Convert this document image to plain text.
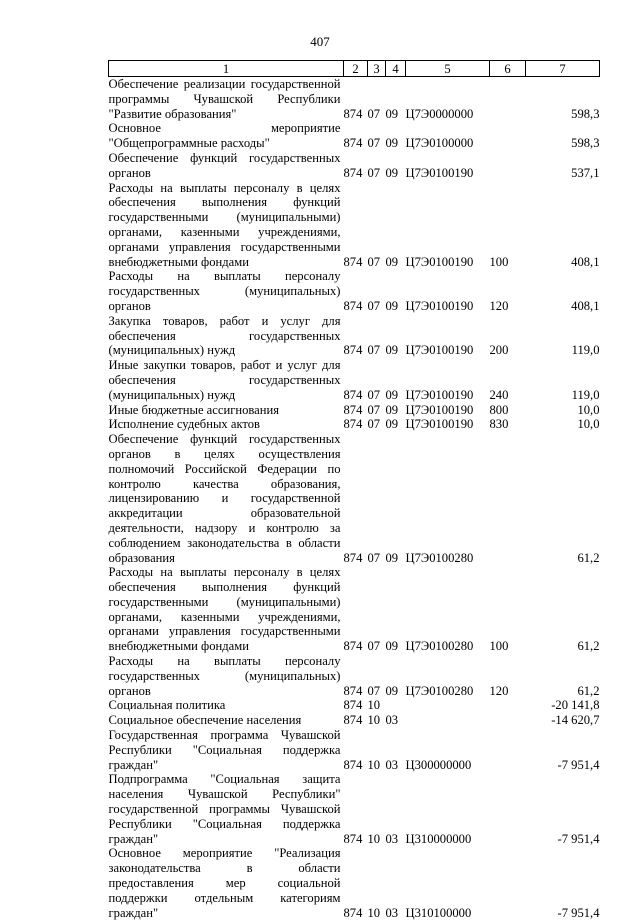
407
1	2	3	4	5	6	7
Обеспечение реализации государственной программы Чувашской Республики "Развитие образования"	874	07	09	Ц7Э0000000		598,3
Основное мероприятие "Общепрограммные расходы"	874	07	09	Ц7Э0100000		598,3
Обеспечение функций государственных органов	874	07	09	Ц7Э0100190		537,1
Расходы на выплаты персоналу в целях обеспечения выполнения функций государственными (муниципальными) органами, казенными учреждениями, органами управления государственными внебюджетными фондами	874	07	09	Ц7Э0100190	100	408,1
Расходы на выплаты персоналу государственных (муниципальных) органов	874	07	09	Ц7Э0100190	120	408,1
Закупка товаров, работ и услуг для обеспечения государственных (муниципальных) нужд	874	07	09	Ц7Э0100190	200	119,0
Иные закупки товаров, работ и услуг для обеспечения государственных (муниципальных) нужд	874	07	09	Ц7Э0100190	240	119,0
Иные бюджетные ассигнования	874	07	09	Ц7Э0100190	800	10,0
Исполнение судебных актов	874	07	09	Ц7Э0100190	830	10,0
Обеспечение функций государственных органов в целях осуществления полномочий Российской Федерации по контролю качества образования, лицензированию и государственной аккредитации образовательной деятельности, надзору и контролю за соблюдением законодательства в области образования	874	07	09	Ц7Э0100280		61,2
Расходы на выплаты персоналу в целях обеспечения выполнения функций государственными (муниципальными) органами, казенными учреждениями, органами управления государственными внебюджетными фондами	874	07	09	Ц7Э0100280	100	61,2
Расходы на выплаты персоналу государственных (муниципальных) органов	874	07	09	Ц7Э0100280	120	61,2
Социальная политика	874	10				-20 141,8
Социальное обеспечение населения	874	10	03			-14 620,7
Государственная программа Чувашской Республики "Социальная поддержка граждан"	874	10	03	Ц300000000		-7 951,4
Подпрограмма "Социальная защита населения Чувашской Республики" государственной программы Чувашской Республики "Социальная поддержка граждан"	874	10	03	Ц310000000		-7 951,4
Основное мероприятие "Реализация законодательства в области предоставления мер социальной поддержки отдельным категориям граждан"	874	10	03	Ц310100000		-7 951,4
